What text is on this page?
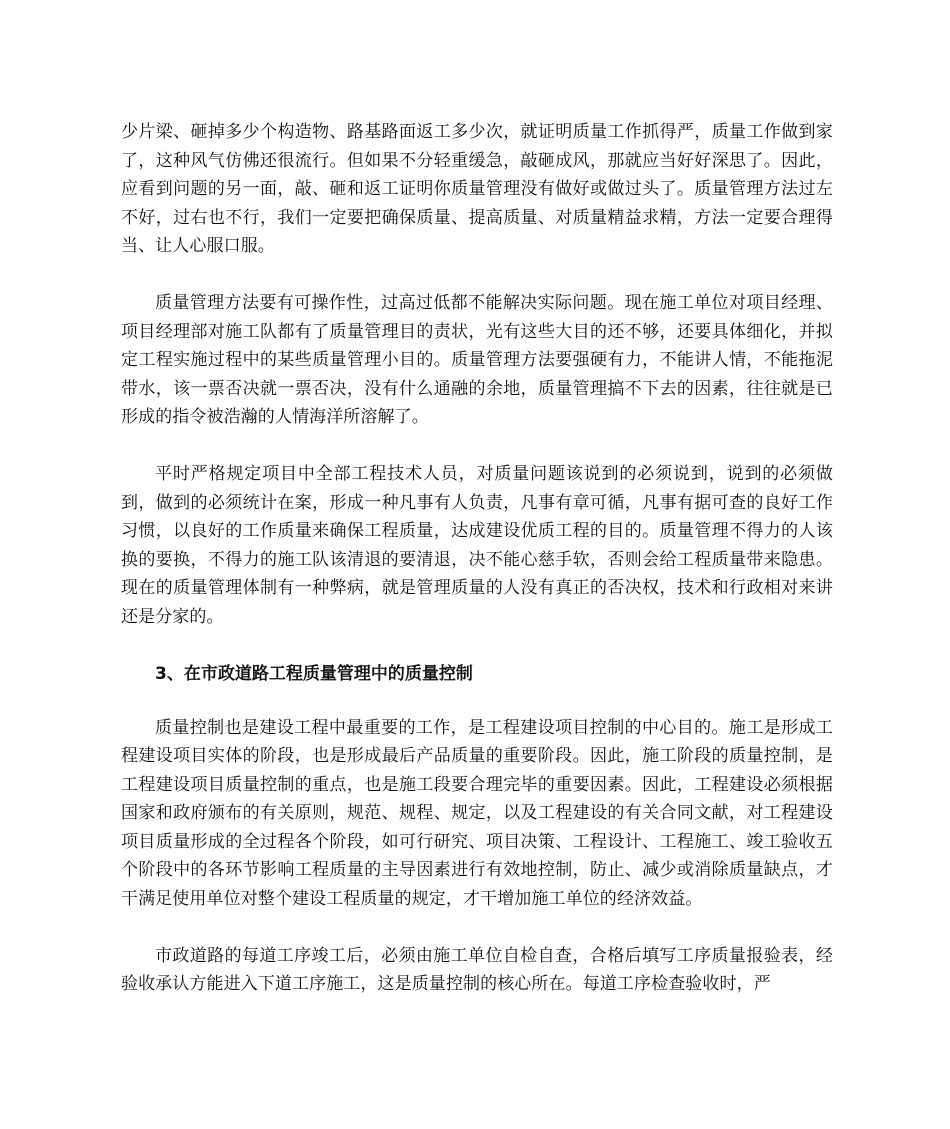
少片梁、砸掉多少个构造物、路基路面返工多少次，就证明质量工作抓得严，质量工作做到家了，这种风气仿佛还很流行。但如果不分轻重缓急，敲砸成风，那就应当好好深思了。因此，应看到问题的另一面，敲、砸和返工证明你质量管理没有做好或做过头了。质量管理方法过左不好，过右也不行，我们一定要把确保质量、提高质量、对质量精益求精，方法一定要合理得当、让人心服口服。

质量管理方法要有可操作性，过高过低都不能解决实际问题。现在施工单位对项目经理、项目经理部对施工队都有了质量管理目的责状，光有这些大目的还不够，还要具体细化，并拟定工程实施过程中的某些质量管理小目的。质量管理方法要强硬有力，不能讲人情，不能拖泥带水，该一票否决就一票否决，没有什么通融的余地，质量管理搞不下去的因素，往往就是已形成的指令被浩瀚的人情海洋所溶解了。

平时严格规定项目中全部工程技术人员，对质量问题该说到的必须说到，说到的必须做到，做到的必须统计在案，形成一种凡事有人负责，凡事有章可循，凡事有据可查的良好工作习惯，以良好的工作质量来确保工程质量，达成建设优质工程的目的。质量管理不得力的人该换的要换，不得力的施工队该清退的要清退，决不能心慈手软，否则会给工程质量带来隐患。现在的质量管理体制有一种弊病，就是管理质量的人没有真正的否决权，技术和行政相对来讲还是分家的。

3、在市政道路工程质量管理中的质量控制

质量控制也是建设工程中最重要的工作，是工程建设项目控制的中心目的。施工是形成工程建设项目实体的阶段，也是形成最后产品质量的重要阶段。因此，施工阶段的质量控制，是工程建设项目质量控制的重点，也是施工段要合理完毕的重要因素。因此，工程建设必须根据国家和政府颁布的有关原则，规范、规程、规定，以及工程建设的有关合同文献，对工程建设项目质量形成的全过程各个阶段，如可行研究、项目决策、工程设计、工程施工、竣工验收五个阶段中的各环节影响工程质量的主导因素进行有效地控制，防止、减少或消除质量缺点，才干满足使用单位对整个建设工程质量的规定，才干增加施工单位的经济效益。

市政道路的每道工序竣工后，必须由施工单位自检自查，合格后填写工序质量报验表，经验收承认方能进入下道工序施工，这是质量控制的核心所在。每道工序检查验收时，严
